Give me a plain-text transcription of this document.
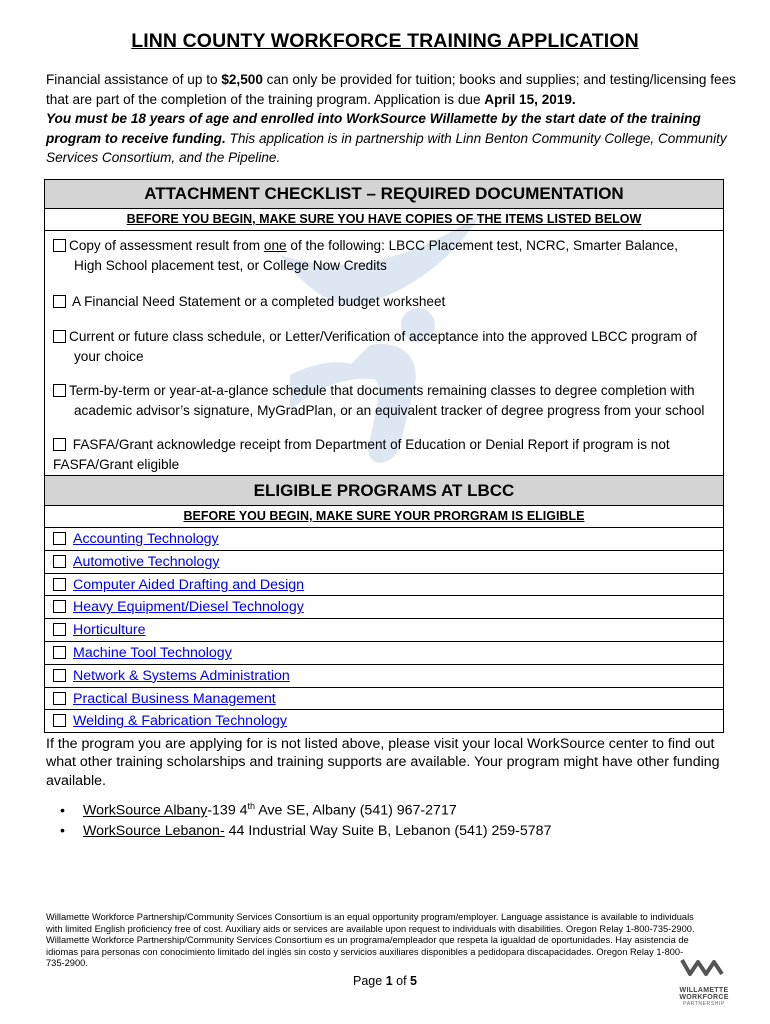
LINN COUNTY WORKFORCE TRAINING APPLICATION
Financial assistance of up to $2,500 can only be provided for tuition; books and supplies; and testing/licensing fees that are part of the completion of the training program. Application is due April 15, 2019.
You must be 18 years of age and enrolled into WorkSource Willamette by the start date of the training program to receive funding. This application is in partnership with Linn Benton Community College, Community Services Consortium, and the Pipeline.
ATTACHMENT CHECKLIST – REQUIRED DOCUMENTATION
BEFORE YOU BEGIN, MAKE SURE YOU HAVE COPIES OF THE ITEMS LISTED BELOW
Copy of assessment result from one of the following: LBCC Placement test, NCRC, Smarter Balance,
High School placement test, or College Now Credits
A Financial Need Statement or a completed budget worksheet
Current or future class schedule, or Letter/Verification of acceptance into the approved LBCC program of
your choice
Term-by-term or year-at-a-glance schedule that documents remaining classes to degree completion with
academic advisor’s signature, MyGradPlan, or an equivalent tracker of degree progress from your school
FASFA/Grant acknowledge receipt from Department of Education or Denial Report if program is not
FASFA/Grant eligible
ELIGIBLE PROGRAMS AT LBCC
BEFORE YOU BEGIN, MAKE SURE YOUR PRORGRAM IS ELIGIBLE
Accounting Technology
Automotive Technology
Computer Aided Drafting and Design
Heavy Equipment/Diesel Technology
Horticulture
Machine Tool Technology
Network & Systems Administration
Practical Business Management
Welding & Fabrication Technology
If the program you are applying for is not listed above, please visit your local WorkSource center to find out what other training scholarships and training supports are available. Your program might have other funding available.
• WorkSource Albany-139 4th Ave SE, Albany (541) 967-2717
• WorkSource Lebanon- 44 Industrial Way Suite B, Lebanon (541) 259-5787
Willamette Workforce Partnership/Community Services Consortium is an equal opportunity program/employer. Language assistance is available to individuals with limited English proficiency free of cost. Auxiliary aids or services are available upon request to individuals with disabilities. Oregon Relay 1-800-735-2900. Willamette Workforce Partnership/Community Services Consortium es un programa/empleador que respeta la igualdad de oportunidades. Hay asistencia de idiomas para personas con conocimiento limitado del inglés sin costo y servicios auxiliares disponibles a pedidopara discapacidades. Oregon Relay 1-800-735-2900.
Page 1 of 5
WILLAMETTE WORKFORCE
PARTNERSHIP
